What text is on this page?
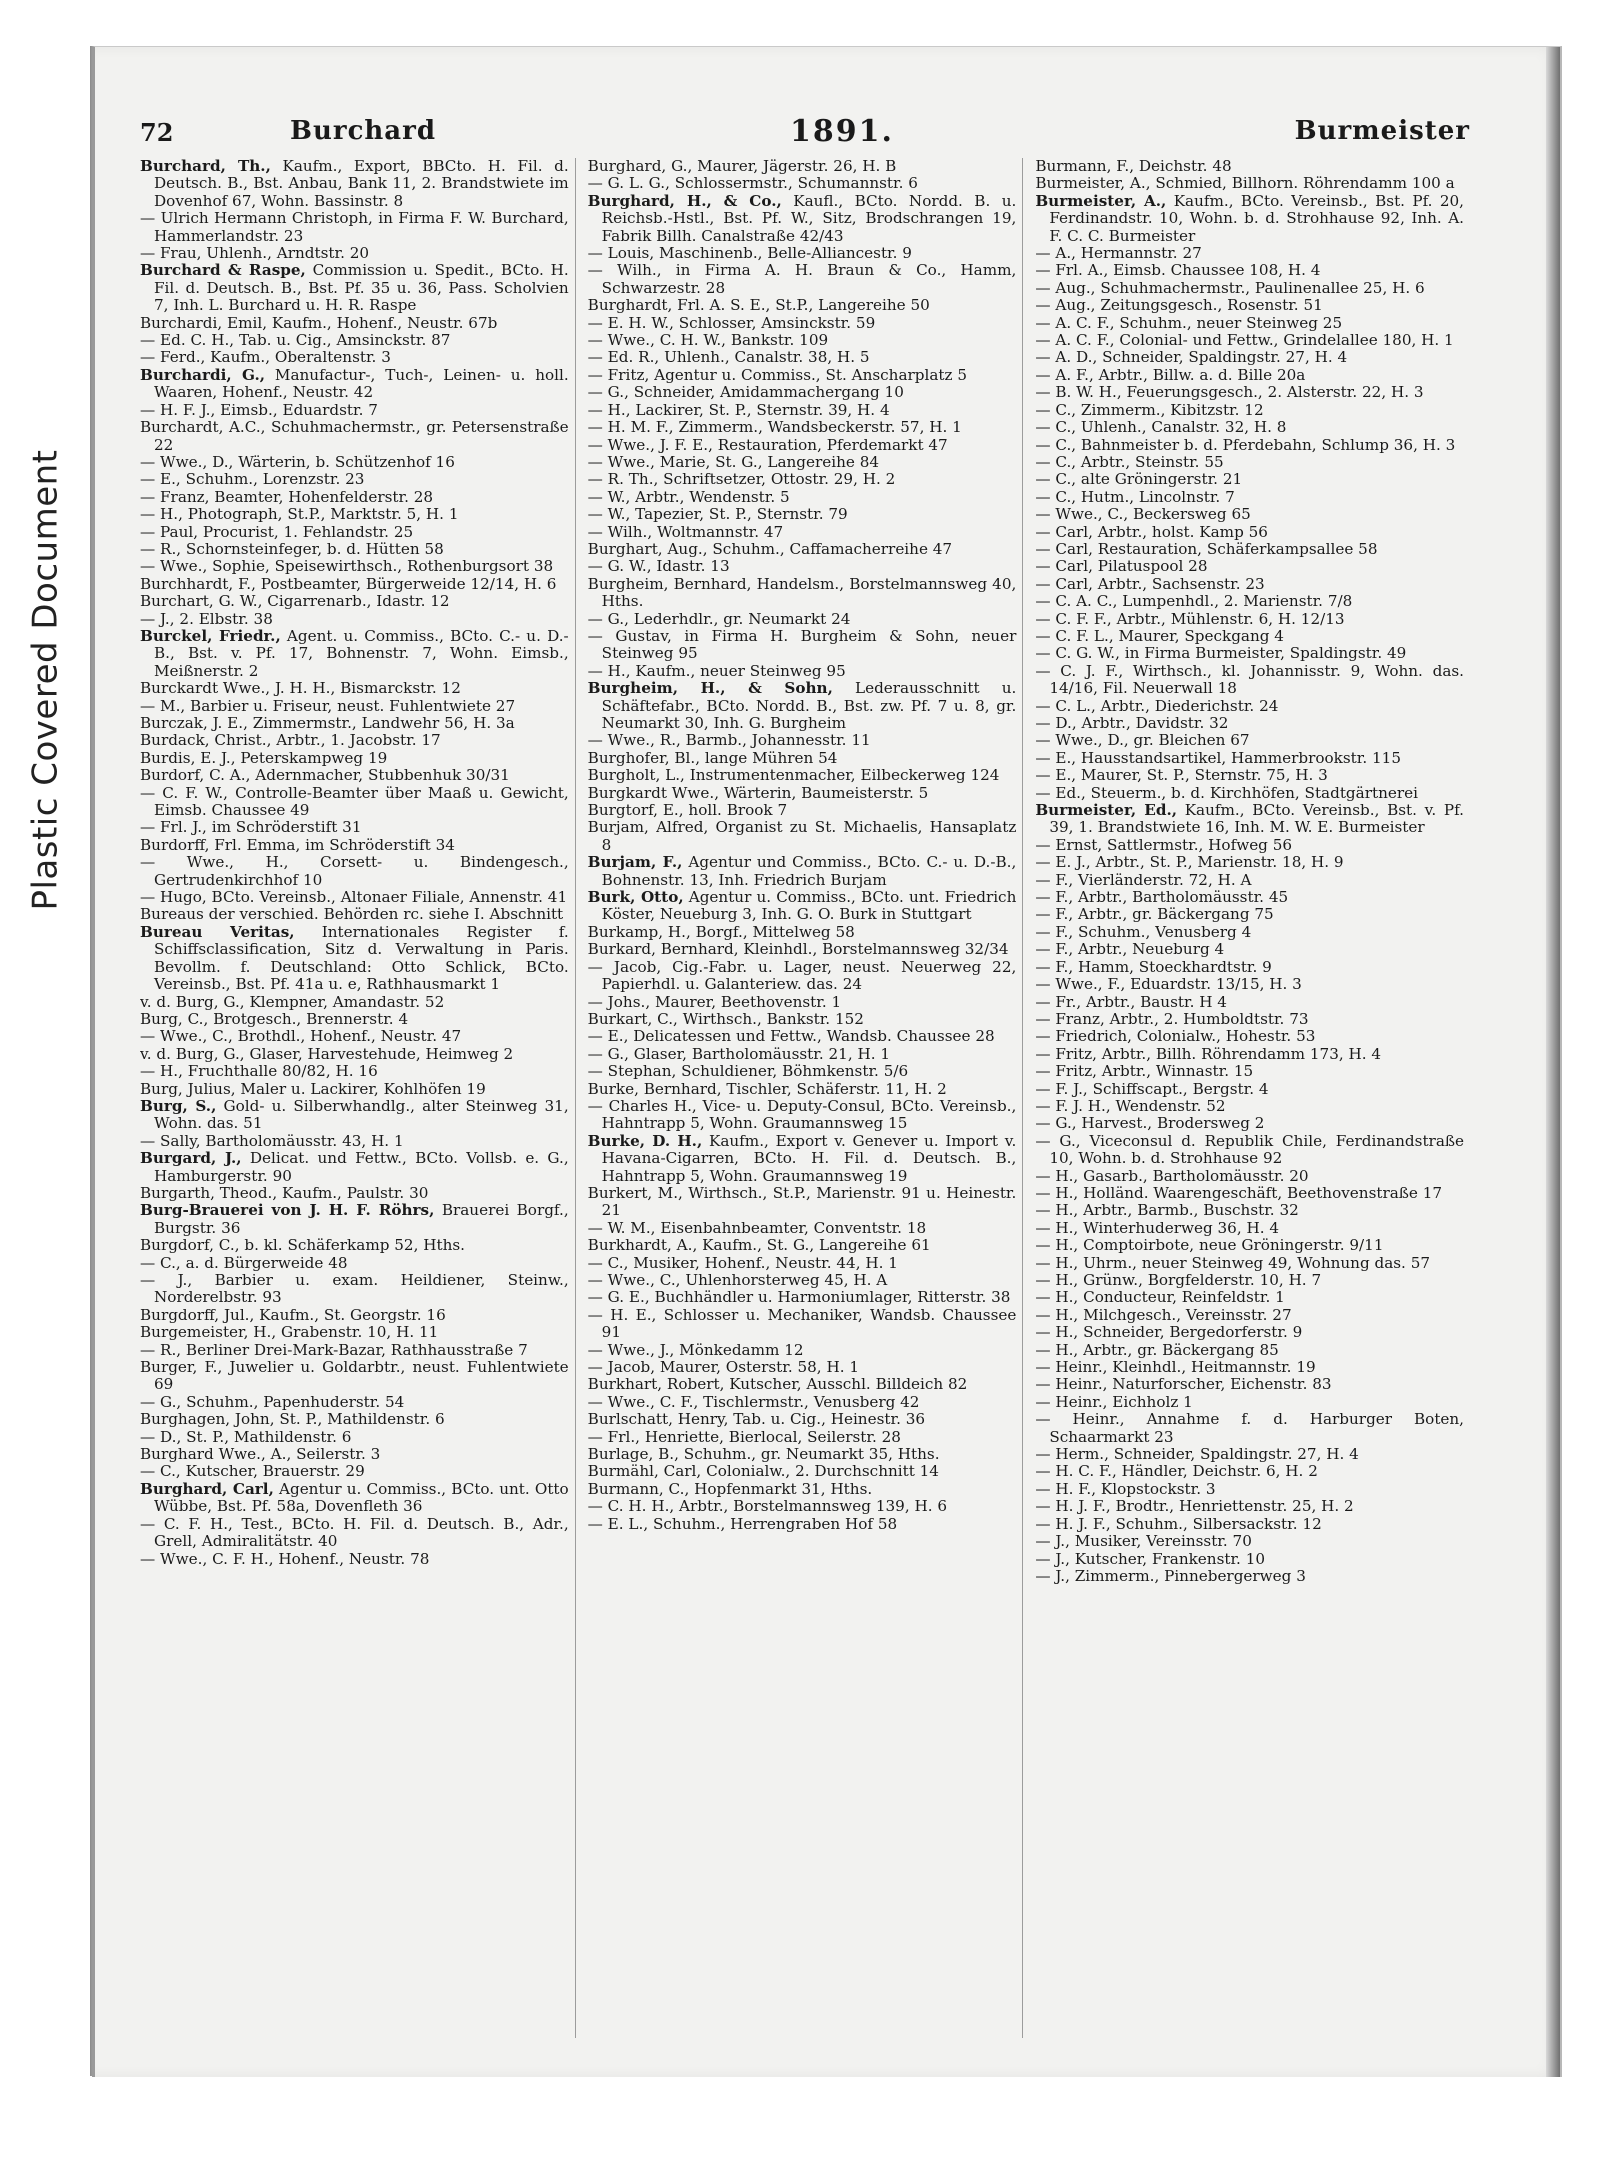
Plastic Covered Document
72	Burchard	1891.	Burmeister

Burchard, Th., Kaufm., Export, BBCto. H. Fil. d. Deutsch. B., Bst. Anbau, Bank 11, 2. Brandstwiete im Dovenhof 67, Wohn. Bassinstr. 8

— Ulrich Hermann Christoph, in Firma F. W. Burchard, Hammerlandstr. 23

— Frau, Uhlenh., Arndtstr. 20

Burchard & Raspe, Commission u. Spedit., BCto. H. Fil. d. Deutsch. B., Bst. Pf. 35 u. 36, Pass. Scholvien 7, Inh. L. Burchard u. H. R. Raspe

Burchardi, Emil, Kaufm., Hohenf., Neustr. 67b

— Ed. C. H., Tab. u. Cig., Amsinckstr. 87

— Ferd., Kaufm., Oberaltenstr. 3

Burchardi, G., Manufactur-, Tuch-, Leinen- u. holl. Waaren, Hohenf., Neustr. 42

— H. F. J., Eimsb., Eduardstr. 7

Burchardt, A.C., Schuhmachermstr., gr. Petersenstraße 22

— Wwe., D., Wärterin, b. Schützenhof 16

— E., Schuhm., Lorenzstr. 23

— Franz, Beamter, Hohenfelderstr. 28

— H., Photograph, St.P., Marktstr. 5, H. 1

— Paul, Procurist, 1. Fehlandstr. 25

— R., Schornsteinfeger, b. d. Hütten 58

— Wwe., Sophie, Speisewirthsch., Rothenburgsort 38

Burchhardt, F., Postbeamter, Bürgerweide 12/14, H. 6

Burchart, G. W., Cigarrenarb., Idastr. 12

— J., 2. Elbstr. 38

Burckel, Friedr., Agent. u. Commiss., BCto. C.- u. D.-B., Bst. v. Pf. 17, Bohnenstr. 7, Wohn. Eimsb., Meißnerstr. 2

Burckardt Wwe., J. H. H., Bismarckstr. 12

— M., Barbier u. Friseur, neust. Fuhlentwiete 27

Burczak, J. E., Zimmermstr., Landwehr 56, H. 3a

Burdack, Christ., Arbtr., 1. Jacobstr. 17

Burdis, E. J., Peterskampweg 19

Burdorf, C. A., Adernmacher, Stubbenhuk 30/31

— C. F. W., Controlle-Beamter über Maaß u. Gewicht, Eimsb. Chaussee 49

— Frl. J., im Schröderstift 31

Burdorff, Frl. Emma, im Schröderstift 34

— Wwe., H., Corsett- u. Bindengesch., Gertrudenkirchhof 10

— Hugo, BCto. Vereinsb., Altonaer Filiale, Annenstr. 41

Bureaus der verschied. Behörden rc. siehe I. Abschnitt

Bureau Veritas, Internationales Register f. Schiffsclassification, Sitz d. Verwaltung in Paris. Bevollm. f. Deutschland: Otto Schlick, BCto. Vereinsb., Bst. Pf. 41a u. e, Rathhausmarkt 1

v. d. Burg, G., Klempner, Amandastr. 52

Burg, C., Brotgesch., Brennerstr. 4

— Wwe., C., Brothdl., Hohenf., Neustr. 47

v. d. Burg, G., Glaser, Harvestehude, Heimweg 2

— H., Fruchthalle 80/82, H. 16

Burg, Julius, Maler u. Lackirer, Kohlhöfen 19

Burg, S., Gold- u. Silberwhandlg., alter Steinweg 31, Wohn. das. 51

— Sally, Bartholomäusstr. 43, H. 1

Burgard, J., Delicat. und Fettw., BCto. Vollsb. e. G., Hamburgerstr. 90

Burgarth, Theod., Kaufm., Paulstr. 30

Burg-Brauerei von J. H. F. Röhrs, Brauerei Borgf., Burgstr. 36

Burgdorf, C., b. kl. Schäferkamp 52, Hths.

— C., a. d. Bürgerweide 48

— J., Barbier u. exam. Heildiener, Steinw., Norderelbstr. 93

Burgdorff, Jul., Kaufm., St. Georgstr. 16

Burgemeister, H., Grabenstr. 10, H. 11

— R., Berliner Drei-Mark-Bazar, Rathhausstraße 7

Burger, F., Juwelier u. Goldarbtr., neust. Fuhlentwiete 69

— G., Schuhm., Papenhuderstr. 54

Burghagen, John, St. P., Mathildenstr. 6

— D., St. P., Mathildenstr. 6

Burghard Wwe., A., Seilerstr. 3

— C., Kutscher, Brauerstr. 29

Burghard, Carl, Agentur u. Commiss., BCto. unt. Otto Wübbe, Bst. Pf. 58a, Dovenfleth 36

— C. F. H., Test., BCto. H. Fil. d. Deutsch. B., Adr., Grell, Admiralitätstr. 40

— Wwe., C. F. H., Hohenf., Neustr. 78

Burghard, G., Maurer, Jägerstr. 26, H. B

— G. L. G., Schlossermstr., Schumannstr. 6

Burghard, H., & Co., Kaufl., BCto. Nordd. B. u. Reichsb.-Hstl., Bst. Pf. W., Sitz, Brodschrangen 19, Fabrik Billh. Canalstraße 42/43

— Louis, Maschinenb., Belle-Alliancestr. 9

— Wilh., in Firma A. H. Braun & Co., Hamm, Schwarzestr. 28

Burghardt, Frl. A. S. E., St.P., Langereihe 50

— E. H. W., Schlosser, Amsinckstr. 59

— Wwe., C. H. W., Bankstr. 109

— Ed. R., Uhlenh., Canalstr. 38, H. 5

— Fritz, Agentur u. Commiss., St. Anscharplatz 5

— G., Schneider, Amidammachergang 10

— H., Lackirer, St. P., Sternstr. 39, H. 4

— H. M. F., Zimmerm., Wandsbeckerstr. 57, H. 1

— Wwe., J. F. E., Restauration, Pferdemarkt 47

— Wwe., Marie, St. G., Langereihe 84

— R. Th., Schriftsetzer, Ottostr. 29, H. 2

— W., Arbtr., Wendenstr. 5

— W., Tapezier, St. P., Sternstr. 79

— Wilh., Woltmannstr. 47

Burghart, Aug., Schuhm., Caffamacherreihe 47

— G. W., Idastr. 13

Burgheim, Bernhard, Handelsm., Borstelmannsweg 40, Hths.

— G., Lederhdlr., gr. Neumarkt 24

— Gustav, in Firma H. Burgheim & Sohn, neuer Steinweg 95

— H., Kaufm., neuer Steinweg 95

Burgheim, H., & Sohn, Lederausschnitt u. Schäftefabr., BCto. Nordd. B., Bst. zw. Pf. 7 u. 8, gr. Neumarkt 30, Inh. G. Burgheim

— Wwe., R., Barmb., Johannesstr. 11

Burghofer, Bl., lange Mühren 54

Burgholt, L., Instrumentenmacher, Eilbeckerweg 124

Burgkardt Wwe., Wärterin, Baumeisterstr. 5

Burgtorf, E., holl. Brook 7

Burjam, Alfred, Organist zu St. Michaelis, Hansaplatz 8

Burjam, F., Agentur und Commiss., BCto. C.- u. D.-B., Bohnenstr. 13, Inh. Friedrich Burjam

Burk, Otto, Agentur u. Commiss., BCto. unt. Friedrich Köster, Neueburg 3, Inh. G. O. Burk in Stuttgart

Burkamp, H., Borgf., Mittelweg 58

Burkard, Bernhard, Kleinhdl., Borstelmannsweg 32/34

— Jacob, Cig.-Fabr. u. Lager, neust. Neuerweg 22, Papierhdl. u. Galanteriew. das. 24

— Johs., Maurer, Beethovenstr. 1

Burkart, C., Wirthsch., Bankstr. 152

— E., Delicatessen und Fettw., Wandsb. Chaussee 28

— G., Glaser, Bartholomäusstr. 21, H. 1

— Stephan, Schuldiener, Böhmkenstr. 5/6

Burke, Bernhard, Tischler, Schäferstr. 11, H. 2

— Charles H., Vice- u. Deputy-Consul, BCto. Vereinsb., Hahntrapp 5, Wohn. Graumannsweg 15

Burke, D. H., Kaufm., Export v. Genever u. Import v. Havana-Cigarren, BCto. H. Fil. d. Deutsch. B., Hahntrapp 5, Wohn. Graumannsweg 19

Burkert, M., Wirthsch., St.P., Marienstr. 91 u. Heinestr. 21

— W. M., Eisenbahnbeamter, Conventstr. 18

Burkhardt, A., Kaufm., St. G., Langereihe 61

— C., Musiker, Hohenf., Neustr. 44, H. 1

— Wwe., C., Uhlenhorsterweg 45, H. A

— G. E., Buchhändler u. Harmoniumlager, Ritterstr. 38

— H. E., Schlosser u. Mechaniker, Wandsb. Chaussee 91

— Wwe., J., Mönkedamm 12

— Jacob, Maurer, Osterstr. 58, H. 1

Burkhart, Robert, Kutscher, Ausschl. Billdeich 82

— Wwe., C. F., Tischlermstr., Venusberg 42

Burlschatt, Henry, Tab. u. Cig., Heinestr. 36

— Frl., Henriette, Bierlocal, Seilerstr. 28

Burlage, B., Schuhm., gr. Neumarkt 35, Hths.

Burmähl, Carl, Colonialw., 2. Durchschnitt 14

Burmann, C., Hopfenmarkt 31, Hths.

— C. H. H., Arbtr., Borstelmannsweg 139, H. 6

— E. L., Schuhm., Herrengraben Hof 58

Burmann, F., Deichstr. 48

Burmeister, A., Schmied, Billhorn. Röhrendamm 100 a

Burmeister, A., Kaufm., BCto. Vereinsb., Bst. Pf. 20, Ferdinandstr. 10, Wohn. b. d. Strohhause 92, Inh. A. F. C. C. Burmeister

— A., Hermannstr. 27

— Frl. A., Eimsb. Chaussee 108, H. 4

— Aug., Schuhmachermstr., Paulinenallee 25, H. 6

— Aug., Zeitungsgesch., Rosenstr. 51

— A. C. F., Schuhm., neuer Steinweg 25

— A. C. F., Colonial- und Fettw., Grindelallee 180, H. 1

— A. D., Schneider, Spaldingstr. 27, H. 4

— A. F., Arbtr., Billw. a. d. Bille 20a

— B. W. H., Feuerungsgesch., 2. Alsterstr. 22, H. 3

— C., Zimmerm., Kibitzstr. 12

— C., Uhlenh., Canalstr. 32, H. 8

— C., Bahnmeister b. d. Pferdebahn, Schlump 36, H. 3

— C., Arbtr., Steinstr. 55

— C., alte Gröningerstr. 21

— C., Hutm., Lincolnstr. 7

— Wwe., C., Beckersweg 65

— Carl, Arbtr., holst. Kamp 56

— Carl, Restauration, Schäferkampsallee 58

— Carl, Pilatuspool 28

— Carl, Arbtr., Sachsenstr. 23

— C. A. C., Lumpenhdl., 2. Marienstr. 7/8

— C. F. F., Arbtr., Mühlenstr. 6, H. 12/13

— C. F. L., Maurer, Speckgang 4

— C. G. W., in Firma Burmeister, Spaldingstr. 49

— C. J. F., Wirthsch., kl. Johannisstr. 9, Wohn. das. 14/16, Fil. Neuerwall 18

— C. L., Arbtr., Diederichstr. 24

— D., Arbtr., Davidstr. 32

— Wwe., D., gr. Bleichen 67

— E., Hausstandsartikel, Hammerbrookstr. 115

— E., Maurer, St. P., Sternstr. 75, H. 3

— Ed., Steuerm., b. d. Kirchhöfen, Stadtgärtnerei

Burmeister, Ed., Kaufm., BCto. Vereinsb., Bst. v. Pf. 39, 1. Brandstwiete 16, Inh. M. W. E. Burmeister

— Ernst, Sattlermstr., Hofweg 56

— E. J., Arbtr., St. P., Marienstr. 18, H. 9

— F., Vierländerstr. 72, H. A

— F., Arbtr., Bartholomäusstr. 45

— F., Arbtr., gr. Bäckergang 75

— F., Schuhm., Venusberg 4

— F., Arbtr., Neueburg 4

— F., Hamm, Stoeckhardtstr. 9

— Wwe., F., Eduardstr. 13/15, H. 3

— Fr., Arbtr., Baustr. H 4

— Franz, Arbtr., 2. Humboldtstr. 73

— Friedrich, Colonialw., Hohestr. 53

— Fritz, Arbtr., Billh. Röhrendamm 173, H. 4

— Fritz, Arbtr., Winnastr. 15

— F. J., Schiffscapt., Bergstr. 4

— F. J. H., Wendenstr. 52

— G., Harvest., Brodersweg 2

— G., Viceconsul d. Republik Chile, Ferdinandstraße 10, Wohn. b. d. Strohhause 92

— H., Gasarb., Bartholomäusstr. 20

— H., Holländ. Waarengeschäft, Beethovenstraße 17

— H., Arbtr., Barmb., Buschstr. 32

— H., Winterhuderweg 36, H. 4

— H., Comptoirbote, neue Gröningerstr. 9/11

— H., Uhrm., neuer Steinweg 49, Wohnung das. 57

— H., Grünw., Borgfelderstr. 10, H. 7

— H., Conducteur, Reinfeldstr. 1

— H., Milchgesch., Vereinsstr. 27

— H., Schneider, Bergedorferstr. 9

— H., Arbtr., gr. Bäckergang 85

— Heinr., Kleinhdl., Heitmannstr. 19

— Heinr., Naturforscher, Eichenstr. 83

— Heinr., Eichholz 1

— Heinr., Annahme f. d. Harburger Boten, Schaarmarkt 23

— Herm., Schneider, Spaldingstr. 27, H. 4

— H. C. F., Händler, Deichstr. 6, H. 2

— H. F., Klopstockstr. 3

— H. J. F., Brodtr., Henriettenstr. 25, H. 2

— H. J. F., Schuhm., Silbersackstr. 12

— J., Musiker, Vereinsstr. 70

— J., Kutscher, Frankenstr. 10

— J., Zimmerm., Pinnebergerweg 3
